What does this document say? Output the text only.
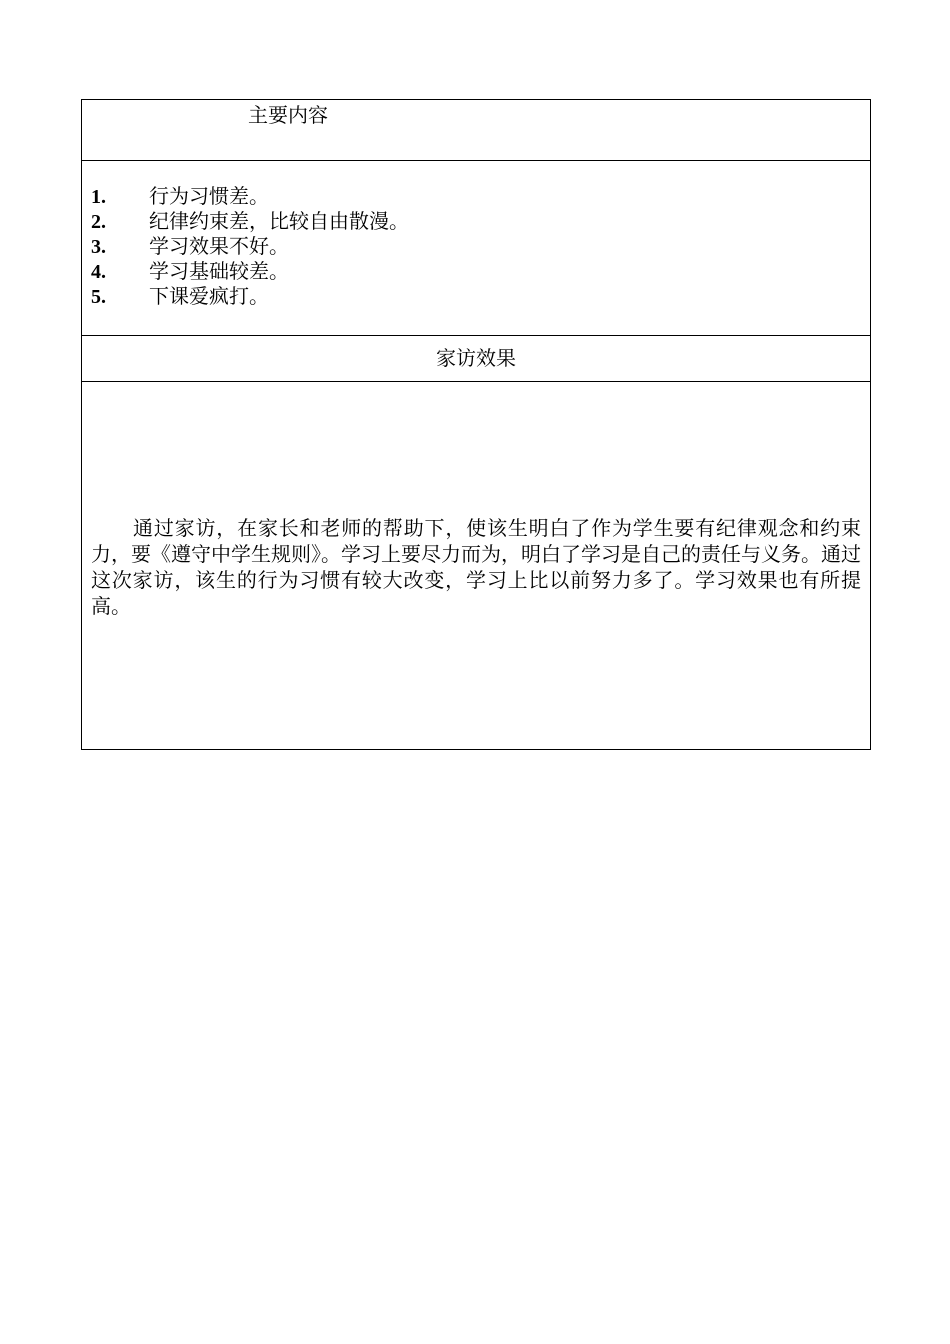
主要内容
1. 行为习惯差。
2. 纪律约束差，比较自由散漫。
3. 学习效果不好。
4. 学习基础较差。
5. 下课爱疯打。
家访效果

通过家访，在家长和老师的帮助下，使该生明白了作为学生要有纪律观念和约束力，要《遵守中学生规则》。学习上要尽力而为，明白了学习是自己的责任与义务。通过这次家访，该生的行为习惯有较大改变，学习上比以前努力多了。学习效果也有所提高。
